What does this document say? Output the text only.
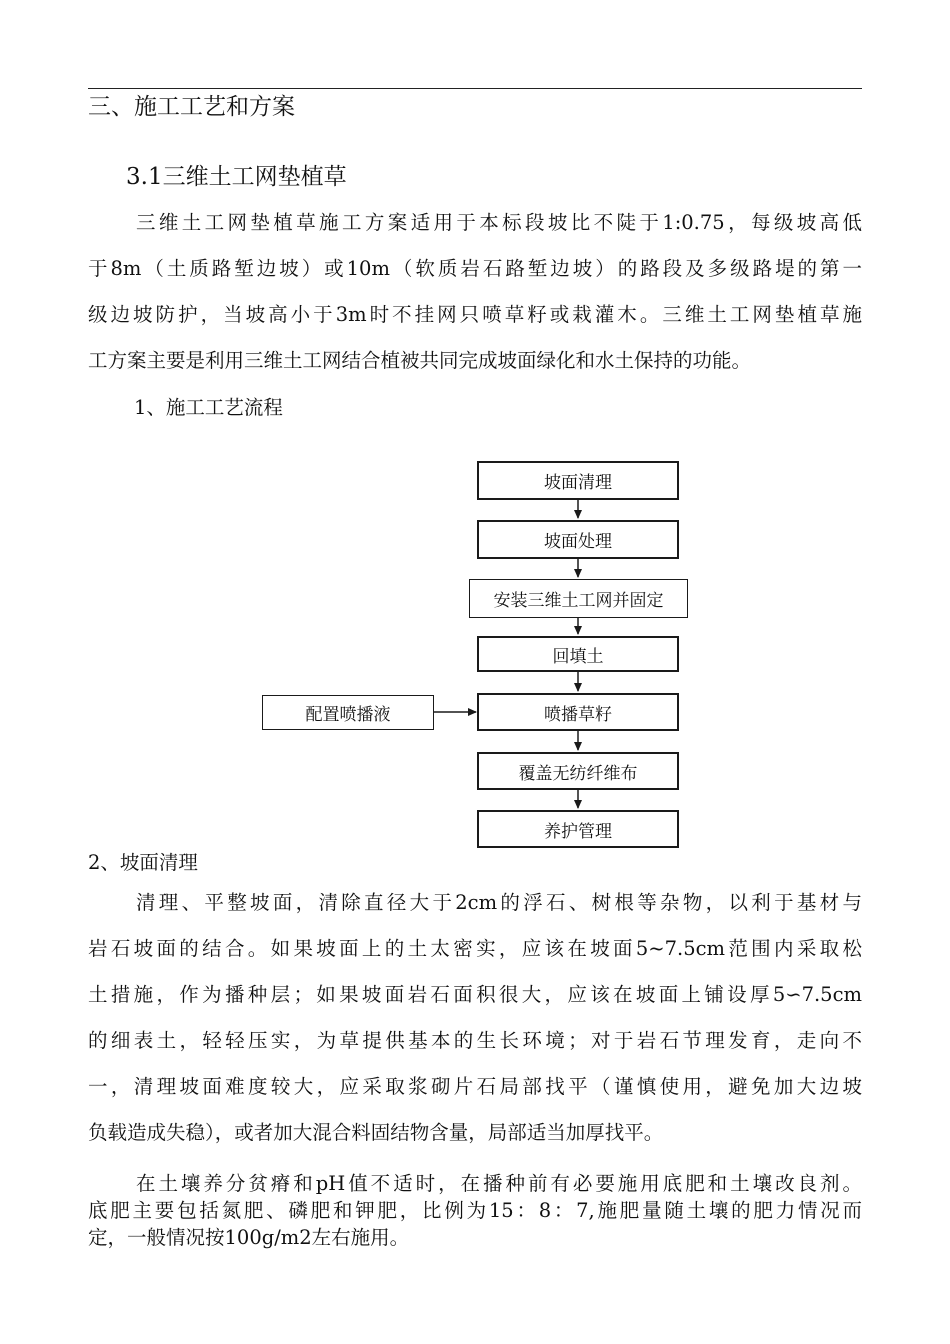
三、施工工艺和方案
3.1三维土工网垫植草
三维土工网垫植草施工方案适用于本标段坡比不陡于1:0.75，每级坡高低
于8m（土质路堑边坡）或10m（软质岩石路堑边坡）的路段及多级路堤的第一
级边坡防护，当坡高小于3m时不挂网只喷草籽或栽灌木。三维土工网垫植草施
工方案主要是利用三维土工网结合植被共同完成坡面绿化和水土保持的功能。
1、施工工艺流程
坡面清理
坡面处理
安装三维土工网并固定
回填土
喷播草籽
覆盖无纺纤维布
养护管理
配置喷播液
2、坡面清理
清理、平整坡面，清除直径大于2cm的浮石、树根等杂物，以利于基材与
岩石坡面的结合。如果坡面上的土太密实，应该在坡面5~7.5cm范围内采取松
土措施，作为播种层；如果坡面岩石面积很大，应该在坡面上铺设厚5∽7.5cm
的细表土，轻轻压实，为草提供基本的生长环境；对于岩石节理发育，走向不
一，清理坡面难度较大，应采取浆砌片石局部找平（谨慎使用，避免加大边坡
负载造成失稳），或者加大混合料固结物含量，局部适当加厚找平。
在土壤养分贫瘠和pH值不适时，在播种前有必要施用底肥和土壤改良剂。
底肥主要包括氮肥、磷肥和钾肥，比例为15：8：7,施肥量随土壤的肥力情况而
定，一般情况按100g/m2左右施用。
